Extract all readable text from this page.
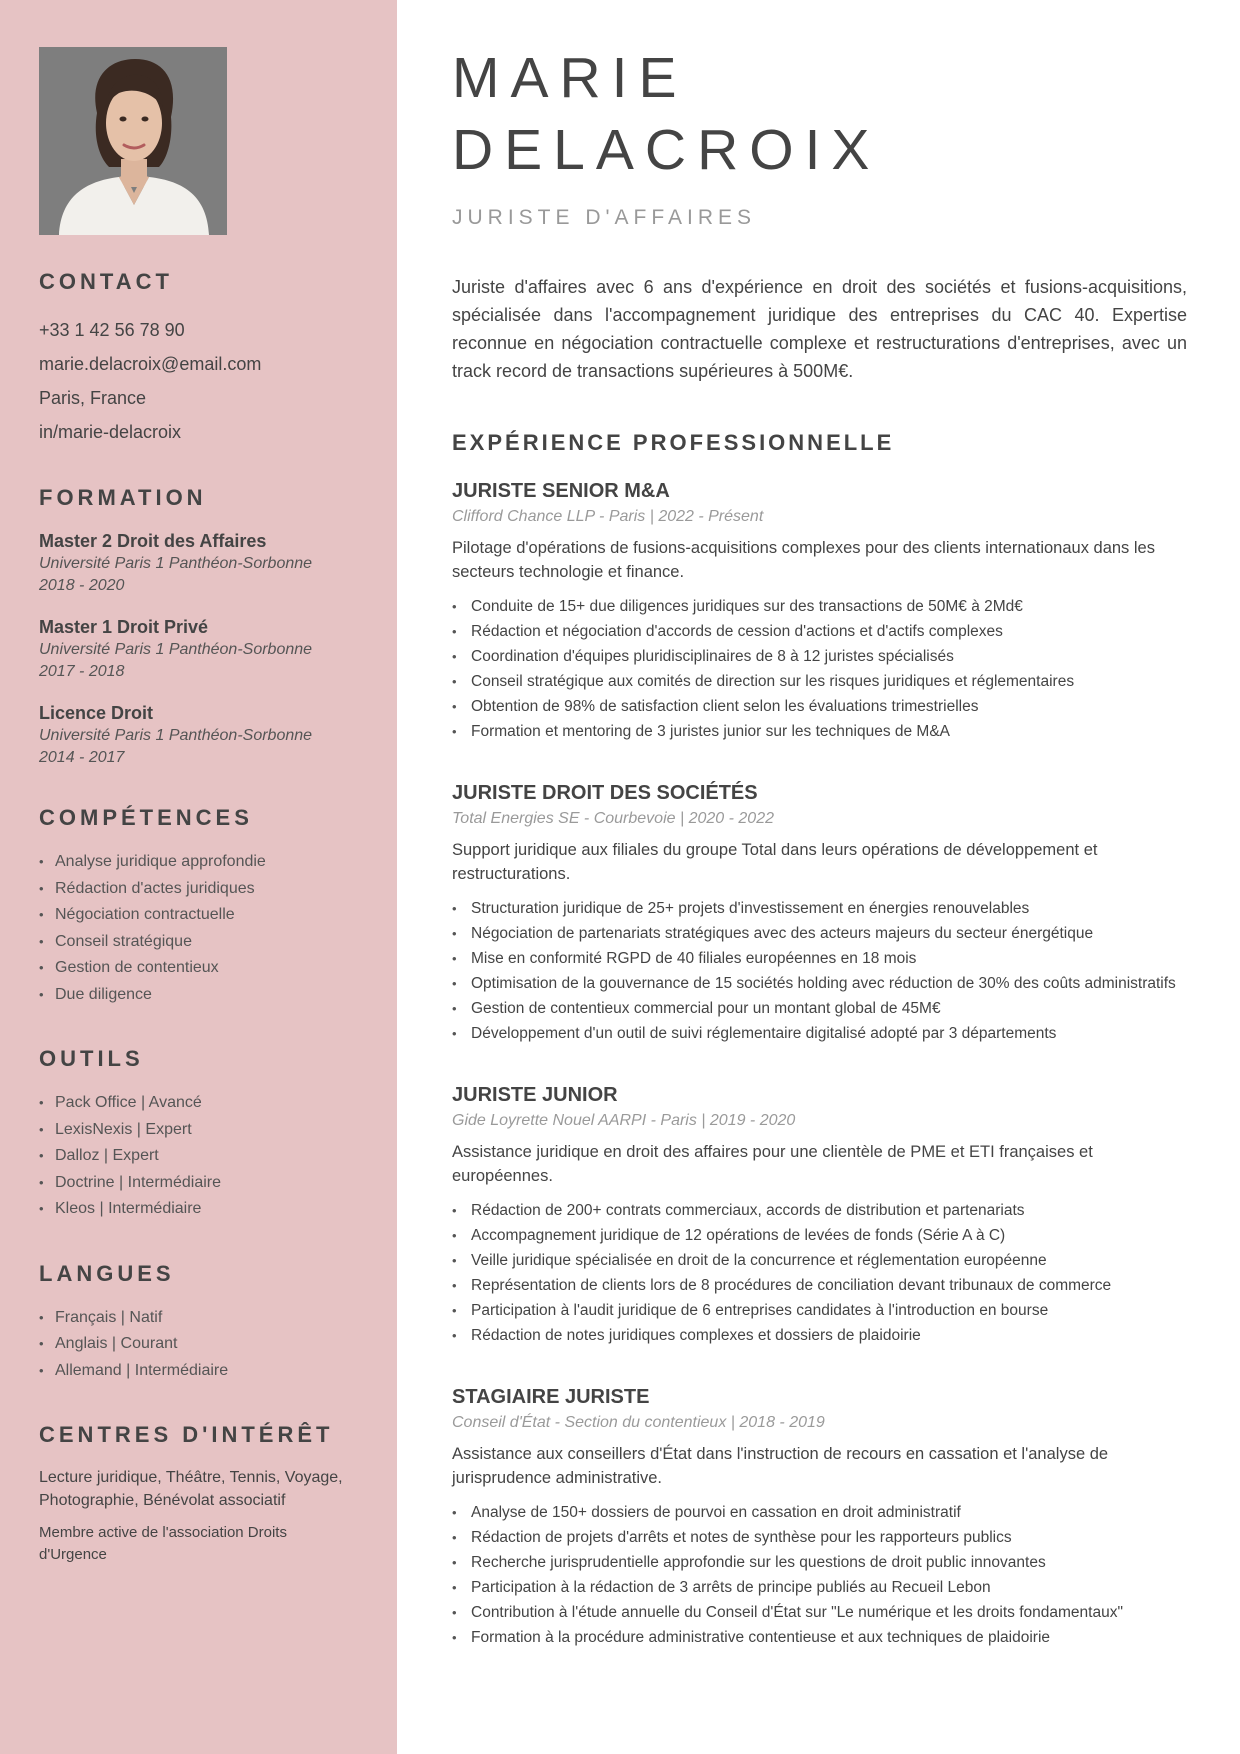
CONTACT
+33 1 42 56 78 90
marie.delacroix@email.com
Paris, France
in/marie-delacroix
FORMATION
Master 2 Droit des Affaires
Université Paris 1 Panthéon-Sorbonne
2018 - 2020
Master 1 Droit Privé
Université Paris 1 Panthéon-Sorbonne
2017 - 2018
Licence Droit
Université Paris 1 Panthéon-Sorbonne
2014 - 2017
COMPÉTENCES
• Analyse juridique approfondie
• Rédaction d'actes juridiques
• Négociation contractuelle
• Conseil stratégique
• Gestion de contentieux
• Due diligence
OUTILS
• Pack Office | Avancé
• LexisNexis | Expert
• Dalloz | Expert
• Doctrine | Intermédiaire
• Kleos | Intermédiaire
LANGUES
• Français | Natif
• Anglais | Courant
• Allemand | Intermédiaire
CENTRES D'INTÉRÊT

Lecture juridique, Théâtre, Tennis, Voyage, Photographie, Bénévolat associatif

Membre active de l'association Droits d'Urgence

MARIE
DELACROIX
JURISTE D'AFFAIRES

Juriste d'affaires avec 6 ans d'expérience en droit des sociétés et fusions-acquisitions, spécialisée dans l'accompagnement juridique des entreprises du CAC 40. Expertise reconnue en négociation contractuelle complexe et restructurations d'entreprises, avec un track record de transactions supérieures à 500M€.

EXPÉRIENCE PROFESSIONNELLE
JURISTE SENIOR M&A
Clifford Chance LLP - Paris | 2022 - Présent

Pilotage d'opérations de fusions-acquisitions complexes pour des clients internationaux dans les secteurs technologie et finance.

• Conduite de 15+ due diligences juridiques sur des transactions de 50M€ à 2Md€
• Rédaction et négociation d'accords de cession d'actions et d'actifs complexes
• Coordination d'équipes pluridisciplinaires de 8 à 12 juristes spécialisés
• Conseil stratégique aux comités de direction sur les risques juridiques et réglementaires
• Obtention de 98% de satisfaction client selon les évaluations trimestrielles
• Formation et mentoring de 3 juristes junior sur les techniques de M&A
JURISTE DROIT DES SOCIÉTÉS
Total Energies SE - Courbevoie | 2020 - 2022

Support juridique aux filiales du groupe Total dans leurs opérations de développement et restructurations.

• Structuration juridique de 25+ projets d'investissement en énergies renouvelables
• Négociation de partenariats stratégiques avec des acteurs majeurs du secteur énergétique
• Mise en conformité RGPD de 40 filiales européennes en 18 mois
• Optimisation de la gouvernance de 15 sociétés holding avec réduction de 30% des coûts administratifs
• Gestion de contentieux commercial pour un montant global de 45M€
• Développement d'un outil de suivi réglementaire digitalisé adopté par 3 départements
JURISTE JUNIOR
Gide Loyrette Nouel AARPI - Paris | 2019 - 2020

Assistance juridique en droit des affaires pour une clientèle de PME et ETI françaises et européennes.

• Rédaction de 200+ contrats commerciaux, accords de distribution et partenariats
• Accompagnement juridique de 12 opérations de levées de fonds (Série A à C)
• Veille juridique spécialisée en droit de la concurrence et réglementation européenne
• Représentation de clients lors de 8 procédures de conciliation devant tribunaux de commerce
• Participation à l'audit juridique de 6 entreprises candidates à l'introduction en bourse
• Rédaction de notes juridiques complexes et dossiers de plaidoirie
STAGIAIRE JURISTE
Conseil d'État - Section du contentieux | 2018 - 2019

Assistance aux conseillers d'État dans l'instruction de recours en cassation et l'analyse de jurisprudence administrative.

• Analyse de 150+ dossiers de pourvoi en cassation en droit administratif
• Rédaction de projets d'arrêts et notes de synthèse pour les rapporteurs publics
• Recherche jurisprudentielle approfondie sur les questions de droit public innovantes
• Participation à la rédaction de 3 arrêts de principe publiés au Recueil Lebon
• Contribution à l'étude annuelle du Conseil d'État sur "Le numérique et les droits fondamentaux"
• Formation à la procédure administrative contentieuse et aux techniques de plaidoirie
